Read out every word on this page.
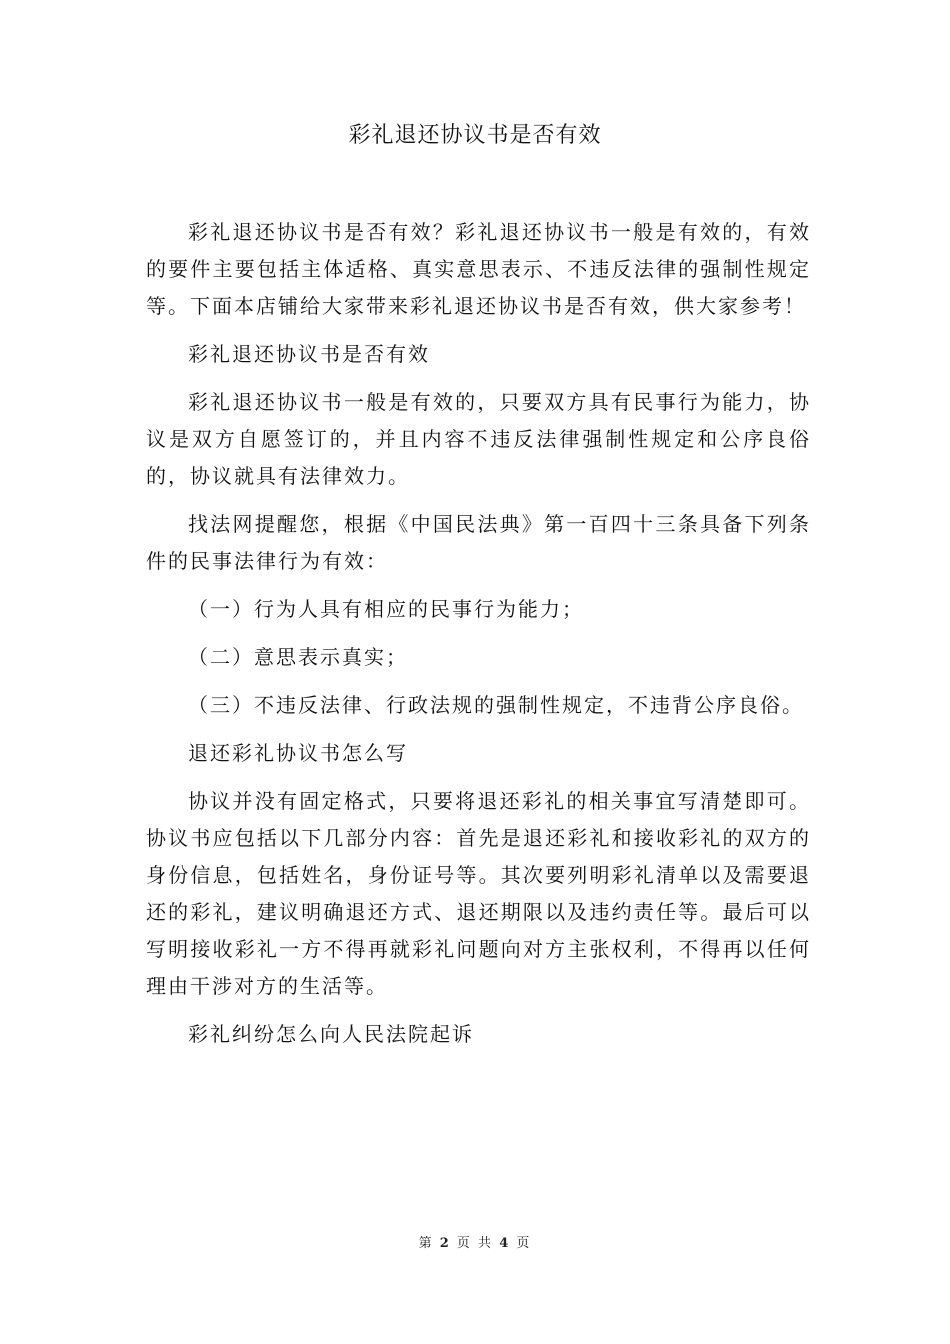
彩礼退还协议书是否有效

彩礼退还协议书是否有效？彩礼退还协议书一般是有效的，有效的要件主要包括主体适格、真实意思表示、不违反法律的强制性规定等。下面本店铺给大家带来彩礼退还协议书是否有效，供大家参考！

彩礼退还协议书是否有效

彩礼退还协议书一般是有效的，只要双方具有民事行为能力，协议是双方自愿签订的，并且内容不违反法律强制性规定和公序良俗的，协议就具有法律效力。

找法网提醒您，根据《中国民法典》第一百四十三条具备下列条件的民事法律行为有效：

（一）行为人具有相应的民事行为能力；

（二）意思表示真实；

（三）不违反法律、行政法规的强制性规定，不违背公序良俗。

退还彩礼协议书怎么写

协议并没有固定格式，只要将退还彩礼的相关事宜写清楚即可。协议书应包括以下几部分内容：首先是退还彩礼和接收彩礼的双方的身份信息，包括姓名，身份证号等。其次要列明彩礼清单以及需要退还的彩礼，建议明确退还方式、退还期限以及违约责任等。最后可以写明接收彩礼一方不得再就彩礼问题向对方主张权利，不得再以任何理由干涉对方的生活等。

彩礼纠纷怎么向人民法院起诉

第 2 页 共 4 页
